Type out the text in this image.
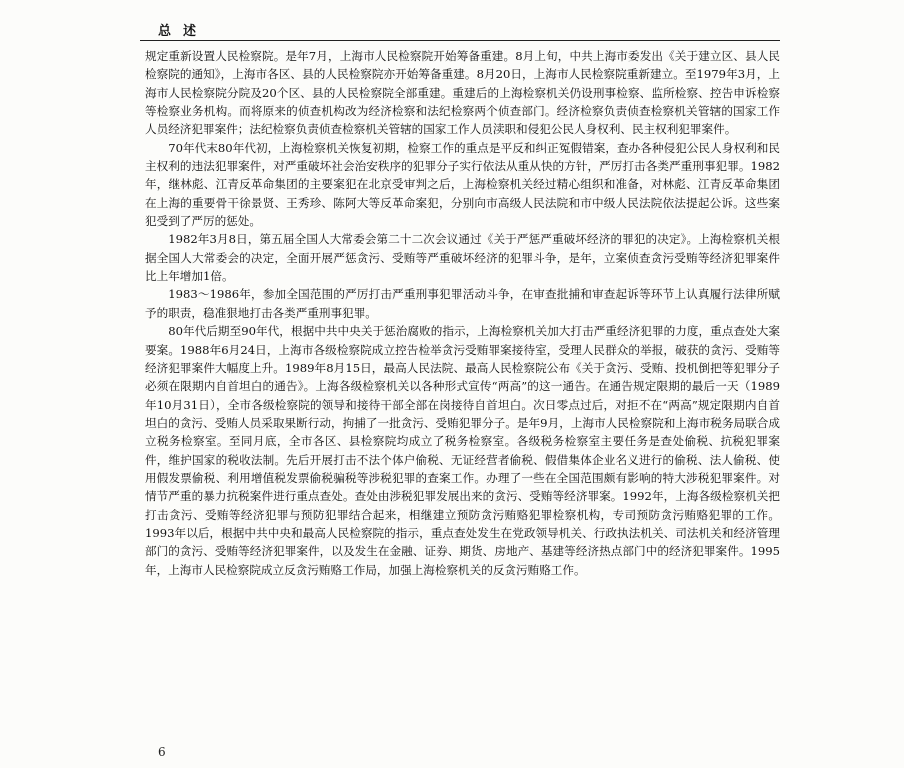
总述

规定重新设置人民检察院。是年7月，上海市人民检察院开始筹备重建。8月上旬，中共上海市委发出《关于建立区、县人民检察院的通知》，上海市各区、县的人民检察院亦开始筹备重建。8月20日，上海市人民检察院重新建立。至1979年3月，上海市人民检察院分院及20个区、县的人民检察院全部重建。重建后的上海检察机关仍设刑事检察、监所检察、控告申诉检察等检察业务机构。而将原来的侦查机构改为经济检察和法纪检察两个侦查部门。经济检察负责侦查检察机关管辖的国家工作人员经济犯罪案件；法纪检察负责侦查检察机关管辖的国家工作人员渎职和侵犯公民人身权利、民主权利犯罪案件。

70年代末80年代初，上海检察机关恢复初期，检察工作的重点是平反和纠正冤假错案，查办各种侵犯公民人身权利和民主权利的违法犯罪案件，对严重破坏社会治安秩序的犯罪分子实行依法从重从快的方针，严厉打击各类严重刑事犯罪。1982年，继林彪、江青反革命集团的主要案犯在北京受审判之后，上海检察机关经过精心组织和准备，对林彪、江青反革命集团在上海的重要骨干徐景贤、王秀珍、陈阿大等反革命案犯，分别向市高级人民法院和市中级人民法院依法提起公诉。这些案犯受到了严厉的惩处。

1982年3月8日，第五届全国人大常委会第二十二次会议通过《关于严惩严重破坏经济的罪犯的决定》。上海检察机关根据全国人大常委会的决定，全面开展严惩贪污、受贿等严重破坏经济的犯罪斗争，是年，立案侦查贪污受贿等经济犯罪案件比上年增加1倍。

1983～1986年，参加全国范围的严厉打击严重刑事犯罪活动斗争，在审查批捕和审查起诉等环节上认真履行法律所赋予的职责，稳准狠地打击各类严重刑事犯罪。

80年代后期至90年代，根据中共中央关于惩治腐败的指示，上海检察机关加大打击严重经济犯罪的力度，重点查处大案要案。1988年6月24日，上海市各级检察院成立控告检举贪污受贿罪案接待室，受理人民群众的举报，破获的贪污、受贿等经济犯罪案件大幅度上升。1989年8月15日，最高人民法院、最高人民检察院公布《关于贪污、受贿、投机倒把等犯罪分子必须在限期内自首坦白的通告》。上海各级检察机关以各种形式宣传“两高”的这一通告。在通告规定限期的最后一天（1989年10月31日），全市各级检察院的领导和接待干部全部在岗接待自首坦白。次日零点过后，对拒不在“两高”规定限期内自首坦白的贪污、受贿人员采取果断行动，拘捕了一批贪污、受贿犯罪分子。是年9月，上海市人民检察院和上海市税务局联合成立税务检察室。至同月底，全市各区、县检察院均成立了税务检察室。各级税务检察室主要任务是查处偷税、抗税犯罪案件，维护国家的税收法制。先后开展打击不法个体户偷税、无证经营者偷税、假借集体企业名义进行的偷税、法人偷税、使用假发票偷税、利用增值税发票偷税骗税等涉税犯罪的查案工作。办理了一些在全国范围颇有影响的特大涉税犯罪案件。对情节严重的暴力抗税案件进行重点查处。查处由涉税犯罪发展出来的贪污、受贿等经济罪案。1992年，上海各级检察机关把打击贪污、受贿等经济犯罪与预防犯罪结合起来，相继建立预防贪污贿赂犯罪检察机构，专司预防贪污贿赂犯罪的工作。1993年以后，根据中共中央和最高人民检察院的指示，重点查处发生在党政领导机关、行政执法机关、司法机关和经济管理部门的贪污、受贿等经济犯罪案件，以及发生在金融、证券、期货、房地产、基建等经济热点部门中的经济犯罪案件。1995年，上海市人民检察院成立反贪污贿赂工作局，加强上海检察机关的反贪污贿赂工作。

6
